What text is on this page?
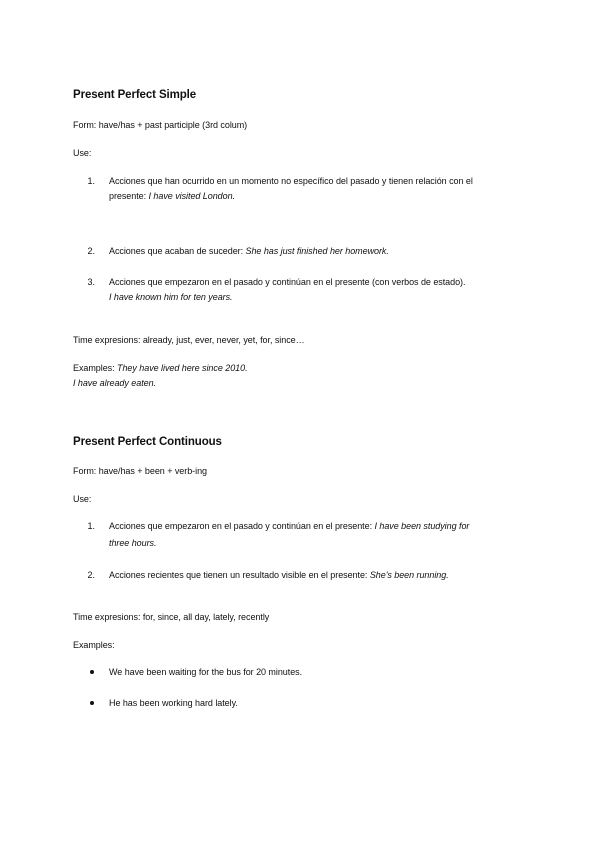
Present Perfect Simple
Form: have/has + past participle (3rd colum)
Use:
1. Acciones que han ocurrido en un momento no específico del pasado y tienen relación con el
presente: I have visited London.
2. Acciones que acaban de suceder: She has just finished her homework.
3. Acciones que empezaron en el pasado y continúan en el presente (con verbos de estado).
I have known him for ten years.
Time expresions: already, just, ever, never, yet, for, since…
Examples: They have lived here since 2010.
I have already eaten.
Present Perfect Continuous
Form: have/has + been + verb-ing
Use:
1. Acciones que empezaron en el pasado y continúan en el presente: I have been studying for
three hours.
2. Acciones recientes que tienen un resultado visible en el presente: She's been running.
Time expresions: for, since, all day, lately, recently
Examples:
We have been waiting for the bus for 20 minutes.
He has been working hard lately.
